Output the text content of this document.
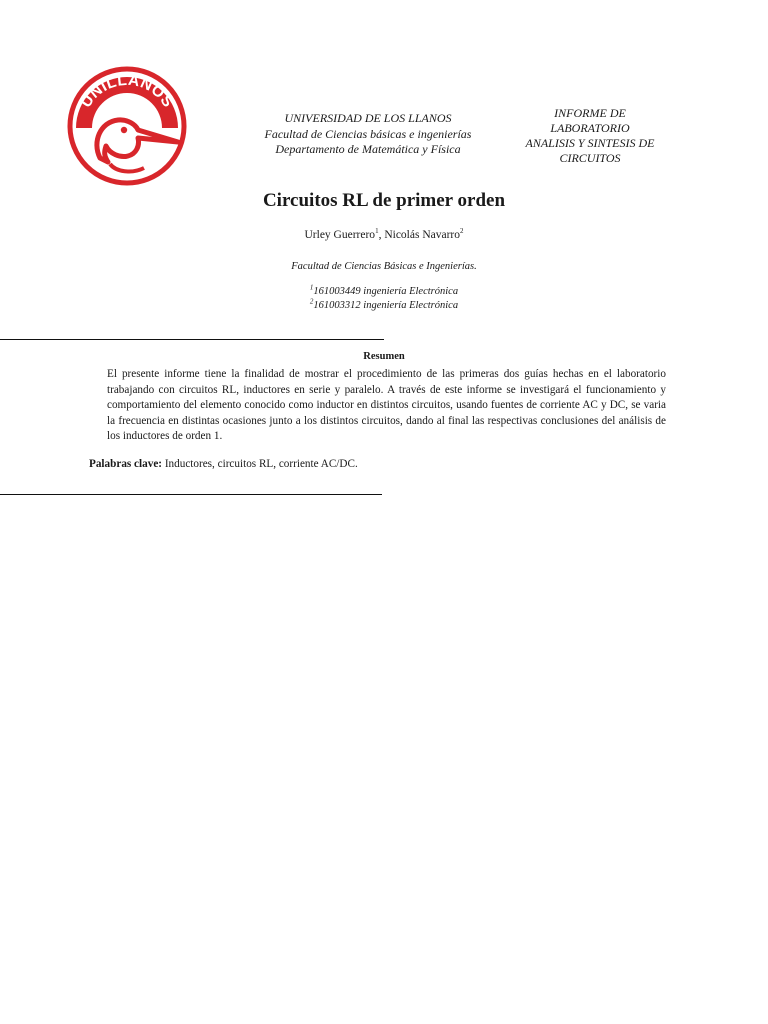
UNILLANOS
UNIVERSIDAD DE LOS LLANOS
Facultad de Ciencias básicas e ingenierías
Departamento de Matemática y Física
INFORME DE
LABORATORIO
ANALISIS Y SINTESIS DE
CIRCUITOS
Circuitos RL de primer orden
Urley Guerrero$^1$, Nicolás Navarro$^2$
Facultad de Ciencias Básicas e Ingenierías.
$^1$161003449 ingeniería Electrónica
$^2$161003312 ingeniería Electrónica
Resumen
El presente informe tiene la finalidad de mostrar el procedimiento de las primeras dos guías hechas en el laboratorio trabajando con circuitos RL, inductores en serie y paralelo. A través de este informe se investigará el funcionamiento y comportamiento del elemento conocido como inductor en distintos circuitos, usando fuentes de corriente AC y DC, se varia la frecuencia en distintas ocasiones junto a los distintos circuitos, dando al final las respectivas conclusiones del análisis de los inductores de orden 1.
Palabras clave: Inductores, circuitos RL, corriente AC/DC.
